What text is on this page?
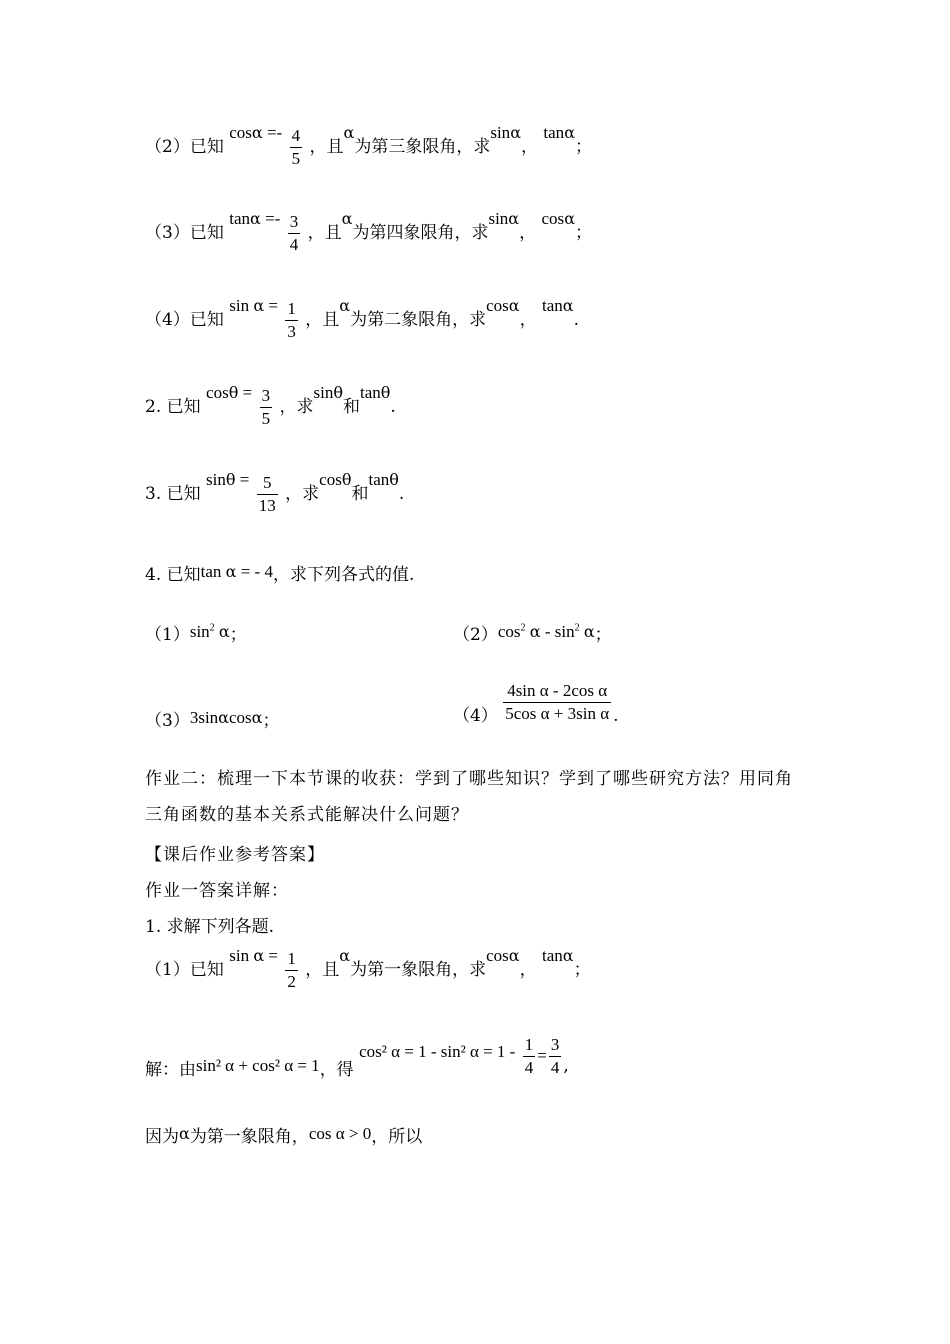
（2）已知 $\cos\alpha =- \frac{4}{5}$ ，且α为第三象限角，求sinα， tanα；
（3）已知 $\tan\alpha =- \frac{3}{4}$ ，且α为第四象限角，求sinα， cosα；
（4）已知 $\sin \alpha = \frac{1}{3}$ ，且α为第二象限角，求cosα， tanα.
2. 已知 $\cos\theta = \frac{3}{5}$ ，求sinθ和tanθ.
3. 已知 $\sin\theta = \frac{5}{13}$ ，求cosθ和tanθ.
4. 已知tan α = - 4，求下列各式的值.
$(1)\sin^2$ α；	$(2)\cos^2$ α - $\sin^2 \alpha$；
（3）3sinαcosα；	$(4) \frac{\text{4sin α - 2cos α}}{\text{5cos α + 3sin α}}$ .
作业二：梳理一下本节课的收获：学到了哪些知识？学到了哪些研究方法？用同角三角函数的基本关系式能解决什么问题？
【课后作业参考答案】
作业一答案详解：
1. 求解下列各题.
（1）已知 $\sin \alpha = \frac{1}{2}$ ，且α为第一象限角，求cosα， tanα；
解：由sin² α + cos² α = 1，得 cos² α = 1 - sin² $\alpha = 1 - \frac{1}{4} = \frac{3}{4}$ ,
因为α为第一象限角，cos α > 0，所以
